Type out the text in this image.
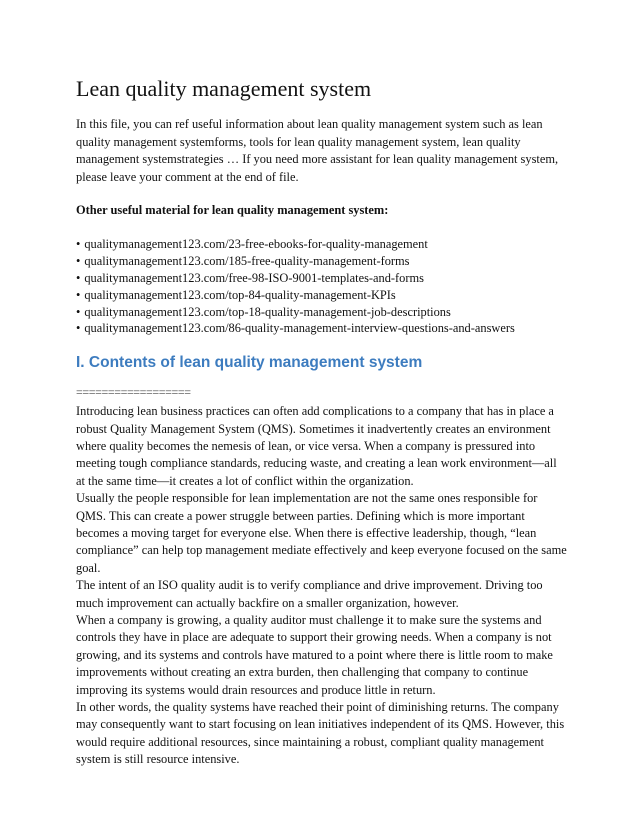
Lean quality management system

In this file, you can ref useful information about lean quality management system such as lean quality management systemforms, tools for lean quality management system, lean quality management systemstrategies … If you need more assistant for lean quality management system, please leave your comment at the end of file.

Other useful material for lean quality management system:

• qualitymanagement123.com/23-free-ebooks-for-quality-management
• qualitymanagement123.com/185-free-quality-management-forms
• qualitymanagement123.com/free-98-ISO-9001-templates-and-forms
• qualitymanagement123.com/top-84-quality-management-KPIs
• qualitymanagement123.com/top-18-quality-management-job-descriptions
• qualitymanagement123.com/86-quality-management-interview-questions-and-answers
I. Contents of lean quality management system
==================

Introducing lean business practices can often add complications to a company that has in place a robust Quality Management System (QMS). Sometimes it inadvertently creates an environment where quality becomes the nemesis of lean, or vice versa. When a company is pressured into meeting tough compliance standards, reducing waste, and creating a lean work environment—all at the same time—it creates a lot of conflict within the organization.

Usually the people responsible for lean implementation are not the same ones responsible for QMS. This can create a power struggle between parties. Defining which is more important becomes a moving target for everyone else. When there is effective leadership, though, “lean compliance” can help top management mediate effectively and keep everyone focused on the same goal.

The intent of an ISO quality audit is to verify compliance and drive improvement. Driving too much improvement can actually backfire on a smaller organization, however.

When a company is growing, a quality auditor must challenge it to make sure the systems and controls they have in place are adequate to support their growing needs. When a company is not growing, and its systems and controls have matured to a point where there is little room to make improvements without creating an extra burden, then challenging that company to continue improving its systems would drain resources and produce little in return.

In other words, the quality systems have reached their point of diminishing returns. The company may consequently want to start focusing on lean initiatives independent of its QMS. However, this would require additional resources, since maintaining a robust, compliant quality management system is still resource intensive.
